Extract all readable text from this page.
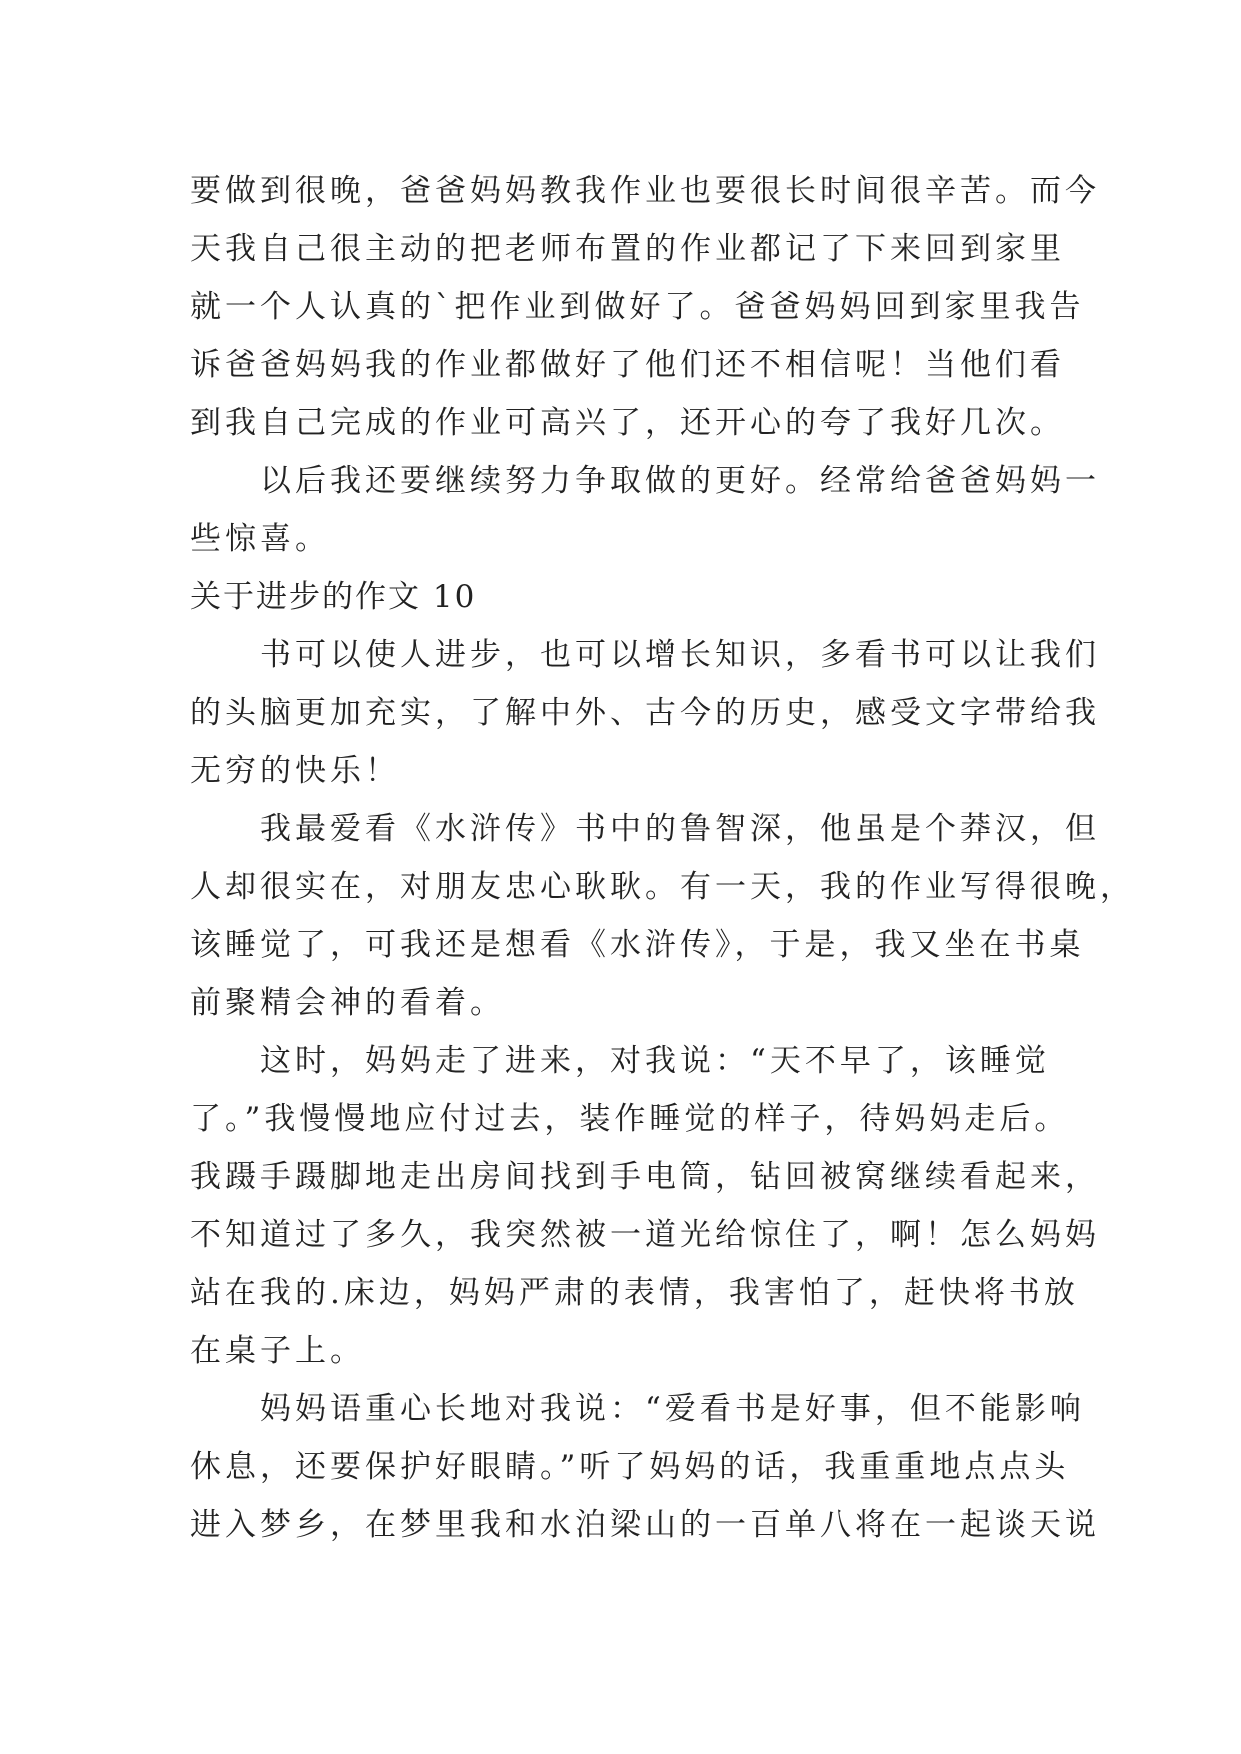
要做到很晚，爸爸妈妈教我作业也要很长时间很辛苦。而今
天我自己很主动的把老师布置的作业都记了下来回到家里
就一个人认真的`把作业到做好了。爸爸妈妈回到家里我告
诉爸爸妈妈我的作业都做好了他们还不相信呢！当他们看
到我自己完成的作业可高兴了，还开心的夸了我好几次。
以后我还要继续努力争取做的更好。经常给爸爸妈妈一
些惊喜。
关于进步的作文 10
书可以使人进步，也可以增长知识，多看书可以让我们
的头脑更加充实，了解中外、古今的历史，感受文字带给我
无穷的快乐！
我最爱看《水浒传》书中的鲁智深，他虽是个莽汉，但
人却很实在，对朋友忠心耿耿。有一天，我的作业写得很晚，
该睡觉了，可我还是想看《水浒传》，于是，我又坐在书桌
前聚精会神的看着。
这时，妈妈走了进来，对我说：“天不早了，该睡觉
了。”我慢慢地应付过去，装作睡觉的样子，待妈妈走后。
我蹑手蹑脚地走出房间找到手电筒，钻回被窝继续看起来，
不知道过了多久，我突然被一道光给惊住了，啊！怎么妈妈
站在我的.床边，妈妈严肃的表情，我害怕了，赶快将书放
在桌子上。
妈妈语重心长地对我说：“爱看书是好事，但不能影响
休息，还要保护好眼睛。”听了妈妈的话，我重重地点点头
进入梦乡，在梦里我和水泊梁山的一百单八将在一起谈天说
